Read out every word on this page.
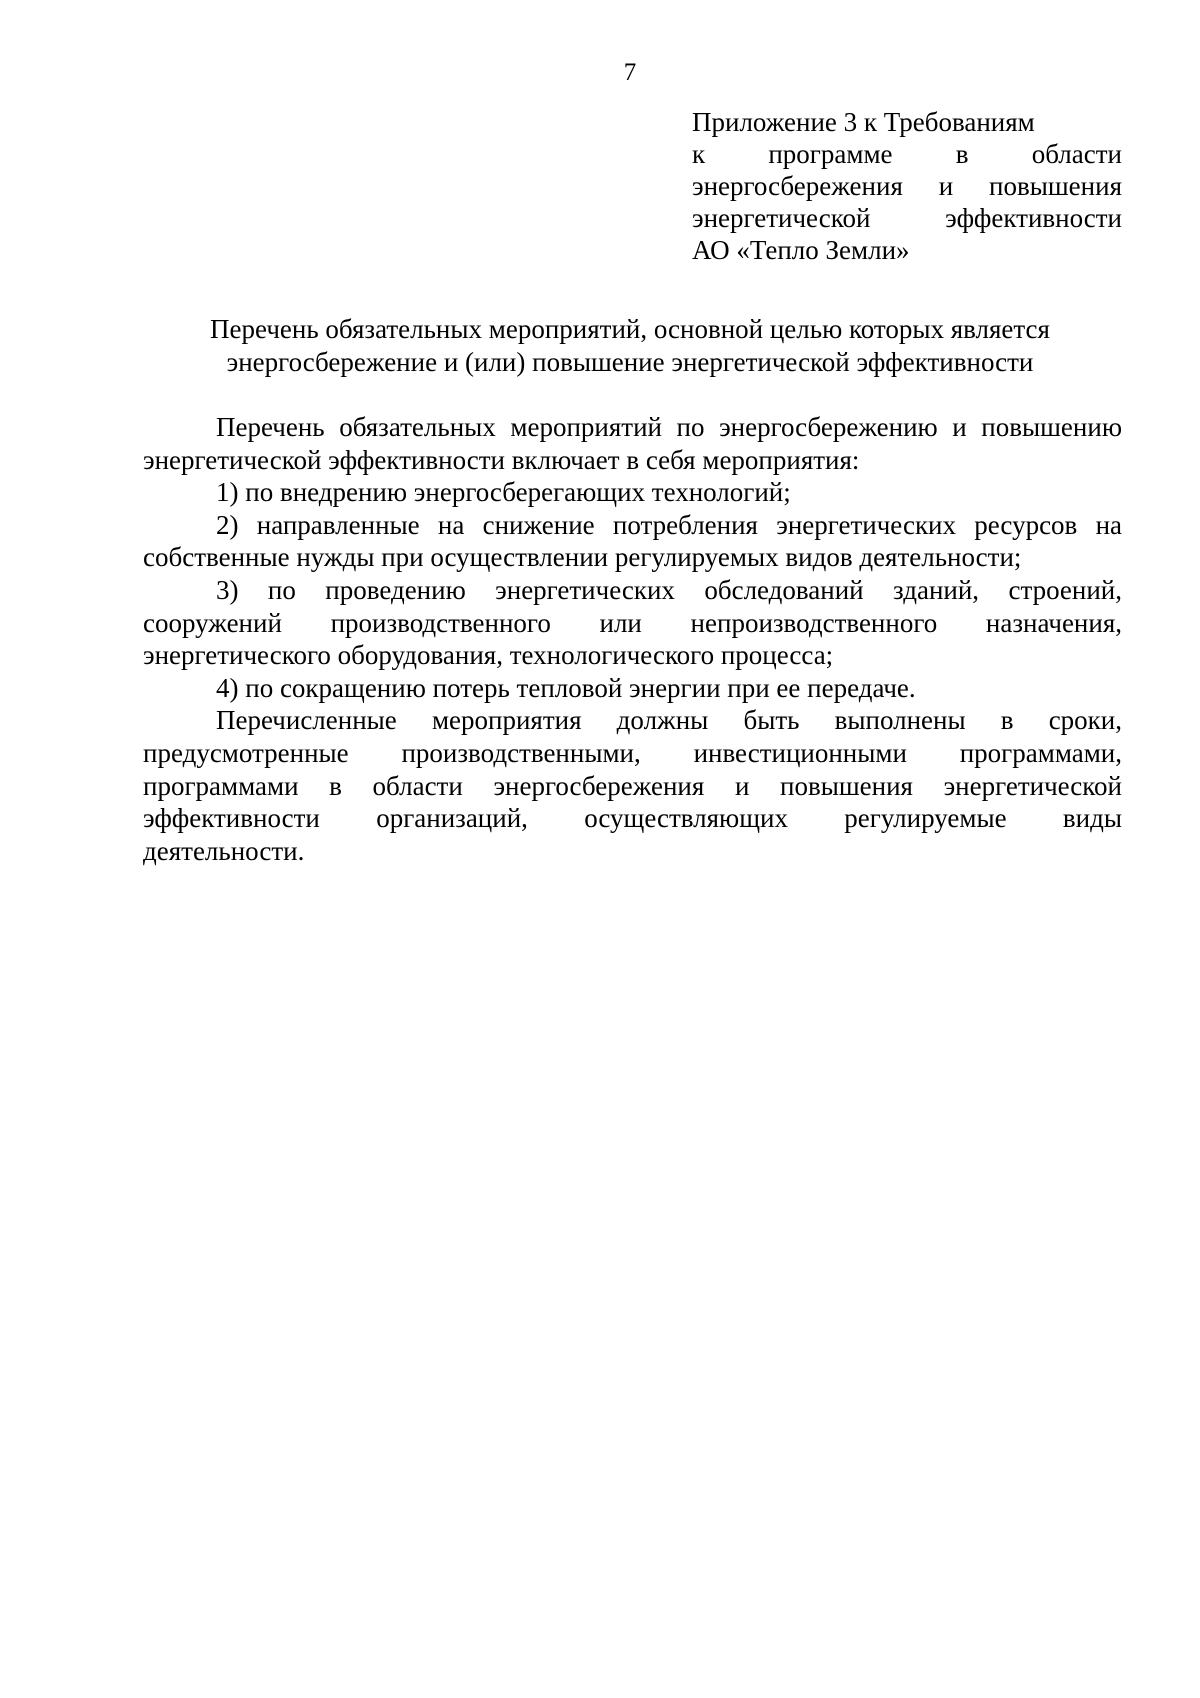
7
Приложение 3 к Требованиям
к программе в области
энергосбережения и повышения
энергетической эффективности
АО «Тепло Земли»
Перечень обязательных мероприятий, основной целью которых является
энергосбережение и (или) повышение энергетической эффективности
Перечень обязательных мероприятий по энергосбережению и повышению
энергетической эффективности включает в себя мероприятия:
1) по внедрению энергосберегающих технологий;
2) направленные на снижение потребления энергетических ресурсов на
собственные нужды при осуществлении регулируемых видов деятельности;
3) по проведению энергетических обследований зданий, строений,
сооружений производственного или непроизводственного назначения,
энергетического оборудования, технологического процесса;
4) по сокращению потерь тепловой энергии при ее передаче.
Перечисленные мероприятия должны быть выполнены в сроки,
предусмотренные производственными, инвестиционными программами,
программами в области энергосбережения и повышения энергетической
эффективности организаций, осуществляющих регулируемые виды
деятельности.
